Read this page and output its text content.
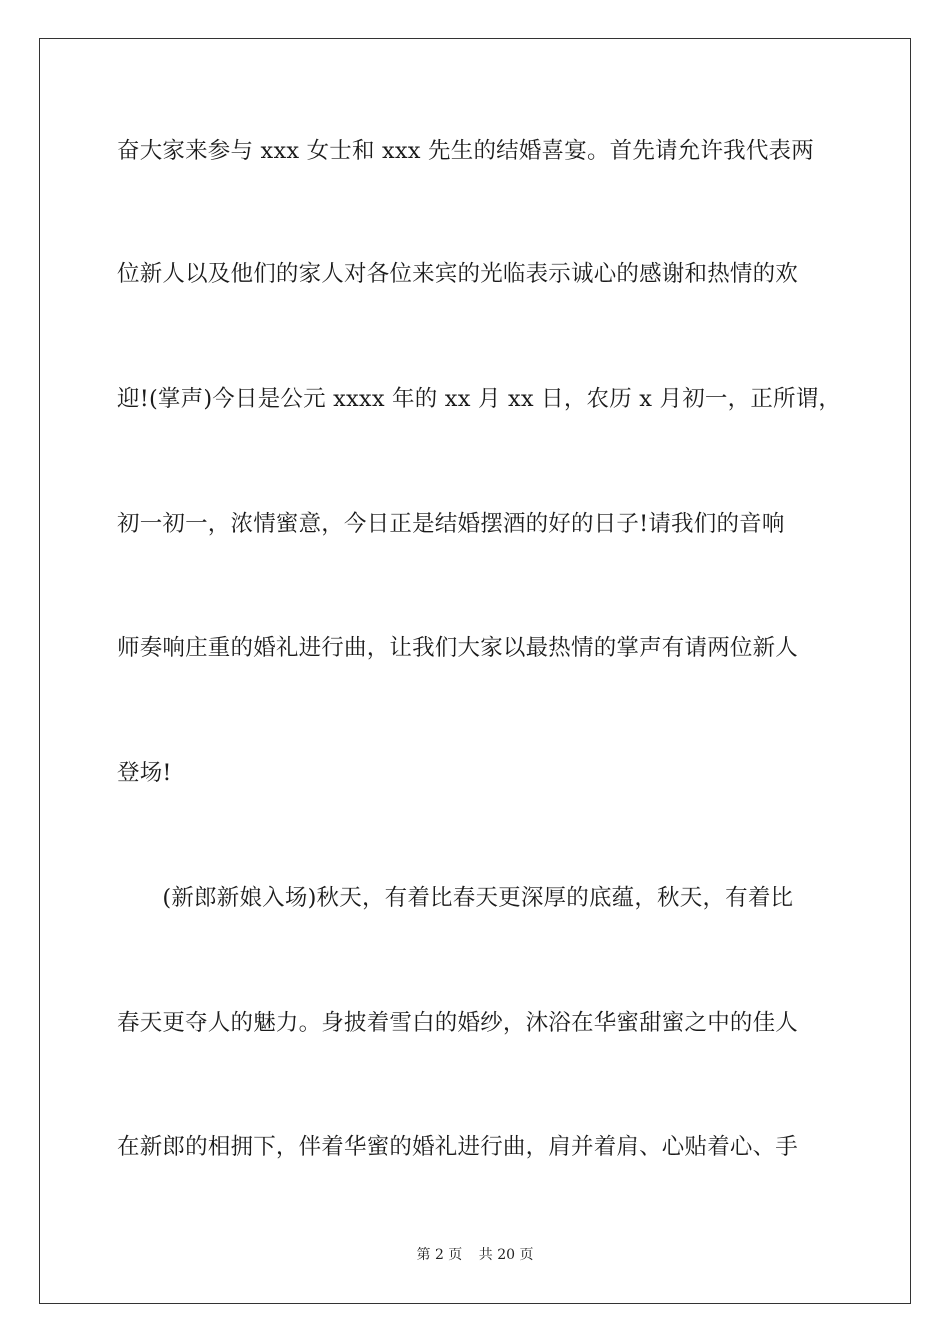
奋大家来参与 xxx 女士和 xxx 先生的结婚喜宴。首先请允许我代表两
位新人以及他们的家人对各位来宾的光临表示诚心的感谢和热情的欢
迎!(掌声)今日是公元 xxxx 年的 xx 月 xx 日，农历 x 月初一，正所谓，
初一初一，浓情蜜意，今日正是结婚摆酒的好的日子!请我们的音响
师奏响庄重的婚礼进行曲，让我们大家以最热情的掌声有请两位新人
登场!
　　(新郎新娘入场)秋天，有着比春天更深厚的底蕴，秋天，有着比
春天更夺人的魅力。身披着雪白的婚纱，沐浴在华蜜甜蜜之中的佳人
在新郎的相拥下，伴着华蜜的婚礼进行曲，肩并着肩、心贴着心、手
第 2 页 共 20 页
